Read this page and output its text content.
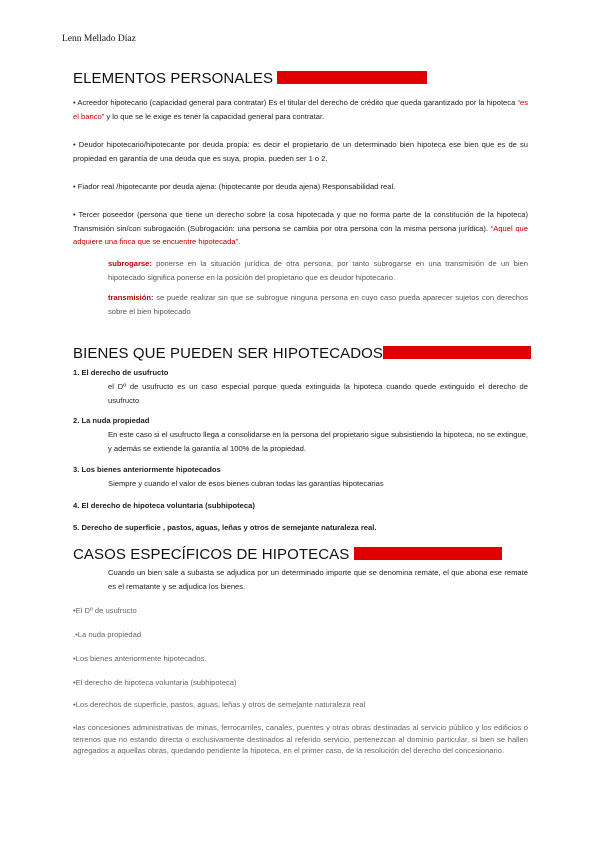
Lenn Mellado Díaz
ELEMENTOS PERSONALES
• Acreedor hipotecario (capacidad general para contratar) Es el titular del derecho de crédito que queda garantizado por la hipoteca “es el banco” y lo que se le exige es tener la capacidad general para contratar.
• Deudor hipotecario/hipotecante por deuda propia: es decir el propietario de un determinado bien hipoteca ese bien que es de su propiedad en garantía de una deuda que es suya, propia. pueden ser 1 o 2.
• Fiador real /hipotecante por deuda ajena: (hipotecante por deuda ajena) Responsabilidad real.
• Tercer poseedor (persona que tiene un derecho sobre la cosa hipotecada y que no forma parte de la constitución de la hipoteca) Transmisión sin/con subrogación (Subrogación: una persona se cambia por otra persona con la misma persona jurídica). “Aquel que adquiere una finca que se encuentre hipotecada”.
subrogarse: ponerse en la situación jurídica de otra persona, por tanto subrogarse en una transmisión de un bien hipotecado significa ponerse en la posición del propietario que es deudor hipotecario.
transmisión: se puede realizar sin que se subrogue ninguna persona en cuyo caso pueda aparecer sujetos con derechos sobre el bien hipotecado
BIENES QUE PUEDEN SER HIPOTECADOS
1. El derecho de usufructo
el Dº de usufructo es un caso especial porque queda extinguida la hipoteca cuando quede extinguido el derecho de usufructo
2. La nuda propiedad
En este caso si el usufructo llega a consolidarse en la persona del propietario sigue subsistiendo la hipoteca, no se extingue, y además se extiende la garantía al 100% de la propiedad.
3. Los bienes anteriormente hipotecados
Siempre y cuando el valor de esos bienes cubran todas las garantías hipotecarias
4. El derecho de hipoteca voluntaria (subhipoteca)
5. Derecho de superficie , pastos, aguas, leñas y otros de semejante naturaleza real.
CASOS ESPECÍFICOS DE HIPOTECAS
Cuando un bien sale a subasta se adjudica por un determinado importe que se denomina remate, el que abona ese remate es el rematante y se adjudica los bienes.
•El Dº de usufructo
.•La nuda propiedad
•Los bienes anteriormente hipotecados.
•El derecho de hipoteca voluntaria (subhipoteca)
•Los derechos de superficie, pastos, aguas, leñas y otros de semejante naturaleza real
•las concesiones administrativas de minas, ferrocarriles, canales, puentes y otras obras destinadas al servicio público y los edificios o terrenos que no estando directa o exclusivamente destinados al referido servicio, pertenezcan al dominio particular, si bien se hallen agregados a aquellas obras, quedando pendiente la hipoteca, en el primer caso, de la resolución del derecho del concesionario.
